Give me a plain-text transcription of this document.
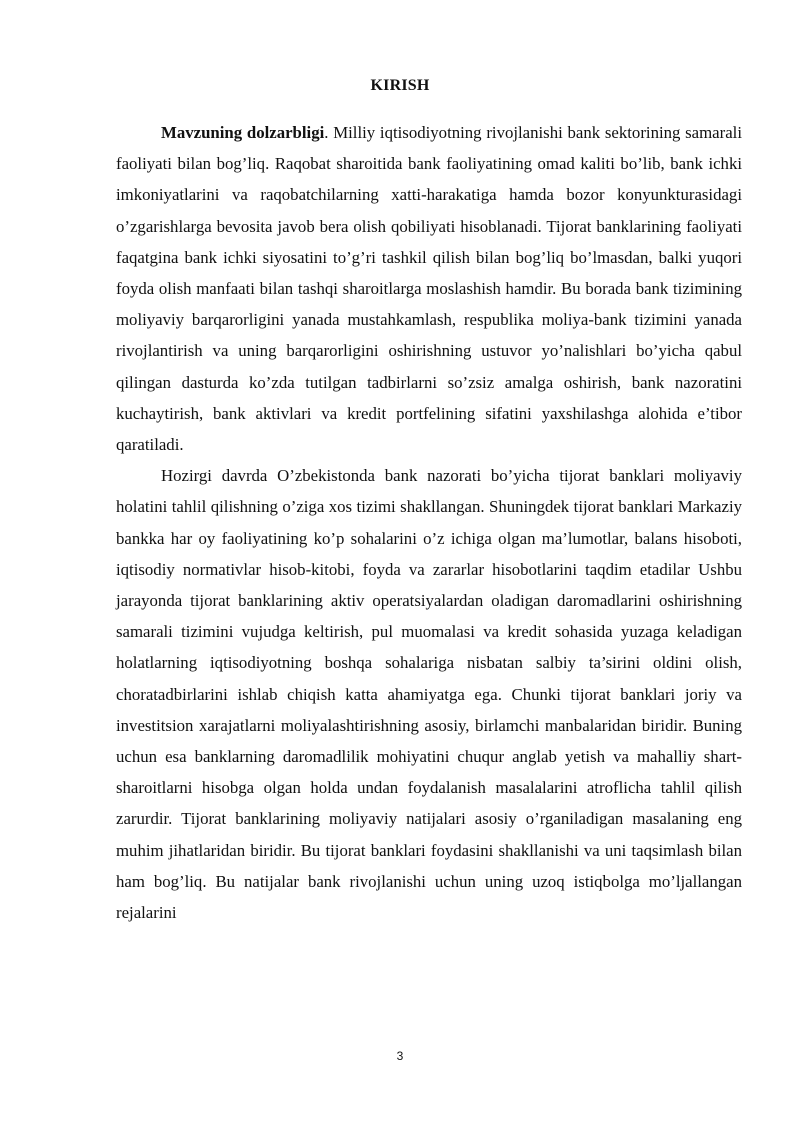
KIRISH

Mavzuning dolzarbligi. Milliy iqtisodiyotning rivojlanishi bank sektorining samarali faoliyati bilan bog’liq. Raqobat sharoitida bank faoliyatining omad kaliti bo’lib, bank ichki imkoniyatlarini va raqobatchilarning xatti-harakatiga hamda bozor konyunkturasidagi o’zgarishlarga bevosita javob bera olish qobiliyati hisoblanadi. Tijorat banklarining faoliyati faqatgina bank ichki siyosatini to’g’ri tashkil qilish bilan bog’liq bo’lmasdan, balki yuqori foyda olish manfaati bilan tashqi sharoitlarga moslashish hamdir. Bu borada bank tizimining moliyaviy barqarorligini yanada mustahkamlash, respublika moliya-bank tizimini yanada rivojlantirish va uning barqarorligini oshirishning ustuvor yo’nalishlari bo’yicha qabul qilingan dasturda ko’zda tutilgan tadbirlarni so’zsiz amalga oshirish, bank nazoratini kuchaytirish, bank aktivlari va kredit portfelining sifatini yaxshilashga alohida e’tibor qaratiladi.

Hozirgi davrda O’zbekistonda bank nazorati bo’yicha tijorat banklari moliyaviy holatini tahlil qilishning o’ziga xos tizimi shakllangan. Shuningdek tijorat banklari Markaziy bankka har oy faoliyatining ko’p sohalarini o’z ichiga olgan ma’lumotlar, balans hisoboti, iqtisodiy normativlar hisob-kitobi, foyda va zararlar hisobotlarini taqdim etadilar Ushbu jarayonda tijorat banklarining aktiv operatsiyalardan oladigan daromadlarini oshirishning samarali tizimini vujudga keltirish, pul muomalasi va kredit sohasida yuzaga keladigan holatlarning iqtisodiyotning boshqa sohalariga nisbatan salbiy ta’sirini oldini olish, choratadbirlarini ishlab chiqish katta ahamiyatga ega. Chunki tijorat banklari joriy va investitsion xarajatlarni moliyalashtirishning asosiy, birlamchi manbalaridan biridir. Buning uchun esa banklarning daromadlilik mohiyatini chuqur anglab yetish va mahalliy shart-sharoitlarni hisobga olgan holda undan foydalanish masalalarini atroflicha tahlil qilish zarurdir. Tijorat banklarining moliyaviy natijalari asosiy o’rganiladigan masalaning eng muhim jihatlaridan biridir. Bu tijorat banklari foydasini shakllanishi va uni taqsimlash bilan ham bog’liq. Bu natijalar bank rivojlanishi uchun uning uzoq istiqbolga mo’ljallangan rejalarini

3
